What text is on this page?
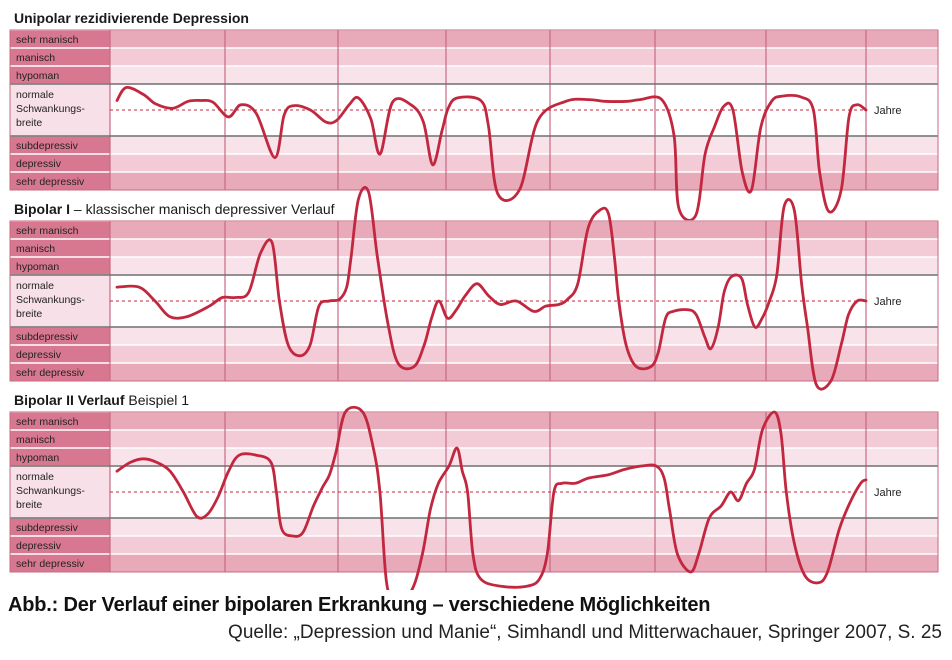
Unipolar rezidivierende Depression
sehr manisch
manisch
hypoman
normale
Schwankungs-
breite
subdepressiv
depressiv
sehr depressiv
Jahre
Bipolar I – klassischer manisch depressiver Verlauf
sehr manisch
manisch
hypoman
normale
Schwankungs-
breite
subdepressiv
depressiv
sehr depressiv
Jahre
Bipolar II Verlauf Beispiel 1
sehr manisch
manisch
hypoman
normale
Schwankungs-
breite
subdepressiv
depressiv
sehr depressiv
Jahre
Abb.: Der Verlauf einer bipolaren Erkrankung – verschiedene Möglichkeiten
Quelle: „Depression und Manie“, Simhandl und Mitterwachauer, Springer 2007, S. 25
